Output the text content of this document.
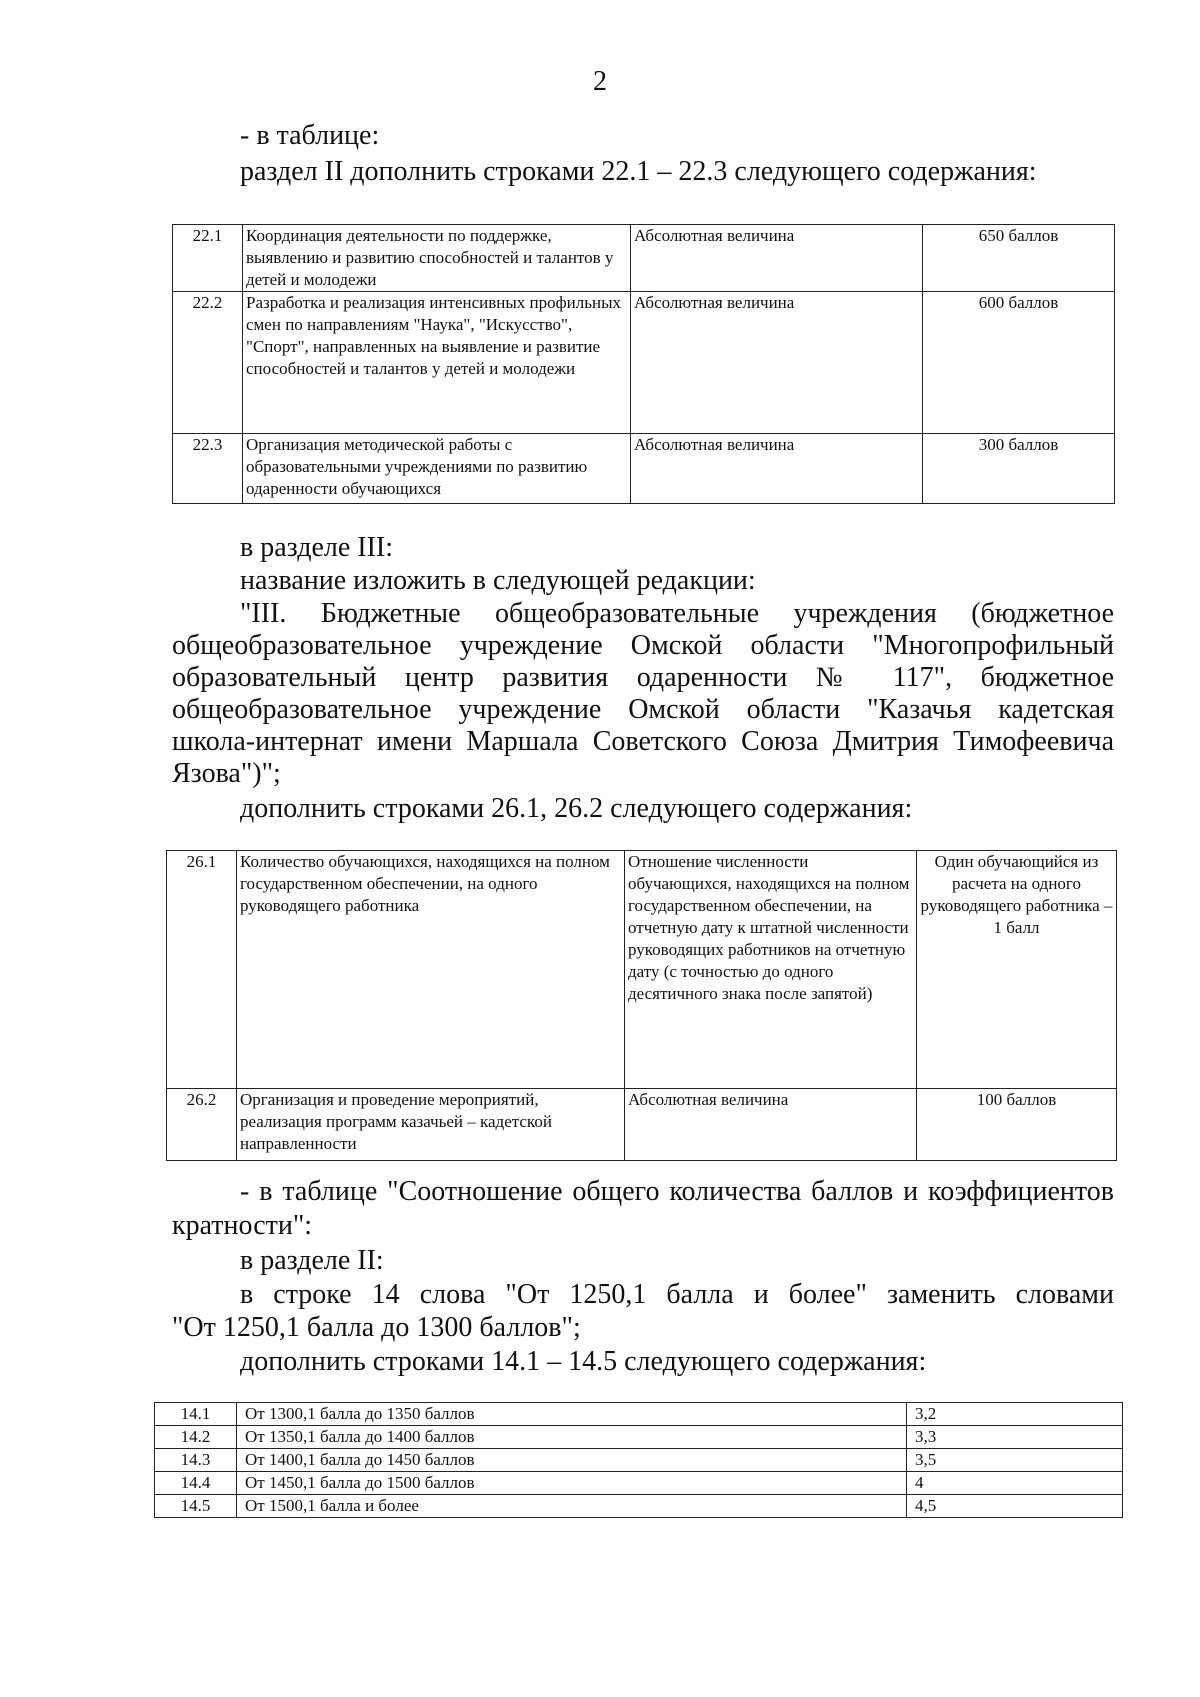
2
- в таблице:
раздел II дополнить строками 22.1 – 22.3 следующего содержания:
22.1	Координация деятельности по поддержке, выявлению и развитию способностей и талантов у детей и молодежи	Абсолютная величина	650 баллов
22.2	Разработка и реализация интенсивных профильных смен по направлениям "Наука", "Искусство", "Спорт", направленных на выявление и развитие способностей и талантов у детей и молодежи	Абсолютная величина	600 баллов
22.3	Организация методической работы с образовательными учреждениями по развитию одаренности обучающихся	Абсолютная величина	300 баллов
в разделе III:
название изложить в следующей редакции:
"III. Бюджетные общеобразовательные учреждения (бюджетное
общеобразовательное учреждение Омской области "Многопрофильный
образовательный центр развития одаренности № 117", бюджетное
общеобразовательное учреждение Омской области "Казачья кадетская
школа-интернат имени Маршала Советского Союза Дмитрия Тимофеевича
Язова")";
дополнить строками 26.1, 26.2 следующего содержания:
26.1	Количество обучающихся, находящихся на полном государственном обеспечении, на одного руководящего работника	Отношение численности обучающихся, находящихся на полном государственном обеспечении, на отчетную дату к штатной численности руководящих работников на отчетную дату (с точностью до одного десятичного знака после запятой)	Один обучающийся из расчета на одного руководящего работника – 1 балл
26.2	Организация и проведение мероприятий, реализация программ казачьей – кадетской направленности	Абсолютная величина	100 баллов
- в таблице "Соотношение общего количества баллов и коэффициентов
кратности":
в разделе II:
в строке 14 слова "От 1250,1 балла и более" заменить словами
"От 1250,1 балла до 1300 баллов";
дополнить строками 14.1 – 14.5 следующего содержания:
14.1	От 1300,1 балла до 1350 баллов	3,2
14.2	От 1350,1 балла до 1400 баллов	3,3
14.3	От 1400,1 балла до 1450 баллов	3,5
14.4	От 1450,1 балла до 1500 баллов	4
14.5	От 1500,1 балла и более	4,5
